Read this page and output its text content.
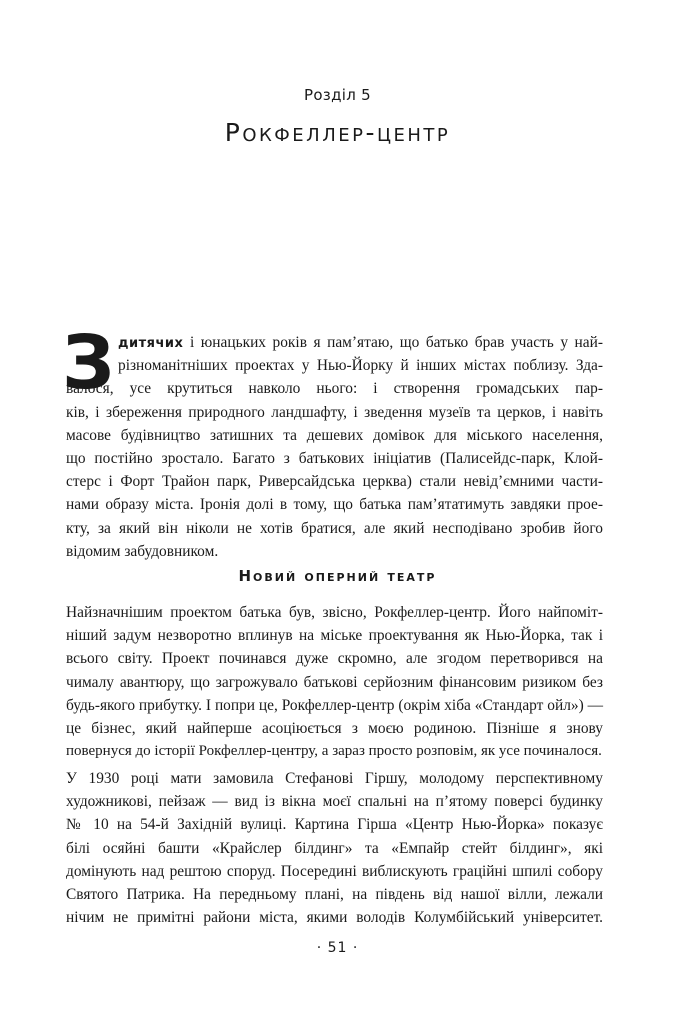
Розділ 5
Рокфеллер-центр
З дитячих і юнацьких років я пам’ятаю, що батько брав участь у най-
різноманітніших проектах у Нью-Йорку й інших містах поблизу. Зда-
валося, усе крутиться навколо нього: і створення громадських пар-
ків, і збереження природного ландшафту, і зведення музеїв та церков, і навіть
масове будівництво затишних та дешевих домівок для міського населення,
що постійно зростало. Багато з батькових ініціатив (Палисейдс-парк, Клой-
стерс і Форт Трайон парк, Риверсайдська церква) стали невід’ємними части-
нами образу міста. Іронія долі в тому, що батька пам’ятатимуть завдяки прое-
кту, за який він ніколи не хотів братися, але який несподівано зробив його
відомим забудовником.
Новий оперний театр
Найзначнішим проектом батька був, звісно, Рокфеллер-центр. Його найпоміт-
ніший задум незворотно вплинув на міське проектування як Нью-Йорка, так і
всього світу. Проект починався дуже скромно, але згодом перетворився на
чималу авантюру, що загрожувало батькові серйозним фінансовим ризиком без
будь-якого прибутку. І попри це, Рокфеллер-центр (окрім хіба «Стандарт ойл») —
це бізнес, який найперше асоціюється з моєю родиною. Пізніше я знову
повернуся до історії Рокфеллер-центру, а зараз просто розповім, як усе починалося.
У 1930 році мати замовила Стефанові Гіршу, молодому перспективному
художникові, пейзаж — вид із вікна моєї спальні на п’ятому поверсі будинку
№ 10 на 54-й Західній вулиці. Картина Гірша «Центр Нью-Йорка» показує
білі осяйні башти «Крайслер білдинг» та «Емпайр стейт білдинг», які
домінують над рештою споруд. Посередині виблискують граційні шпилі собору
Святого Патрика. На передньому плані, на південь від нашої вілли, лежали
нічим не примітні райони міста, якими володів Колумбійський університет.
· 51 ·
